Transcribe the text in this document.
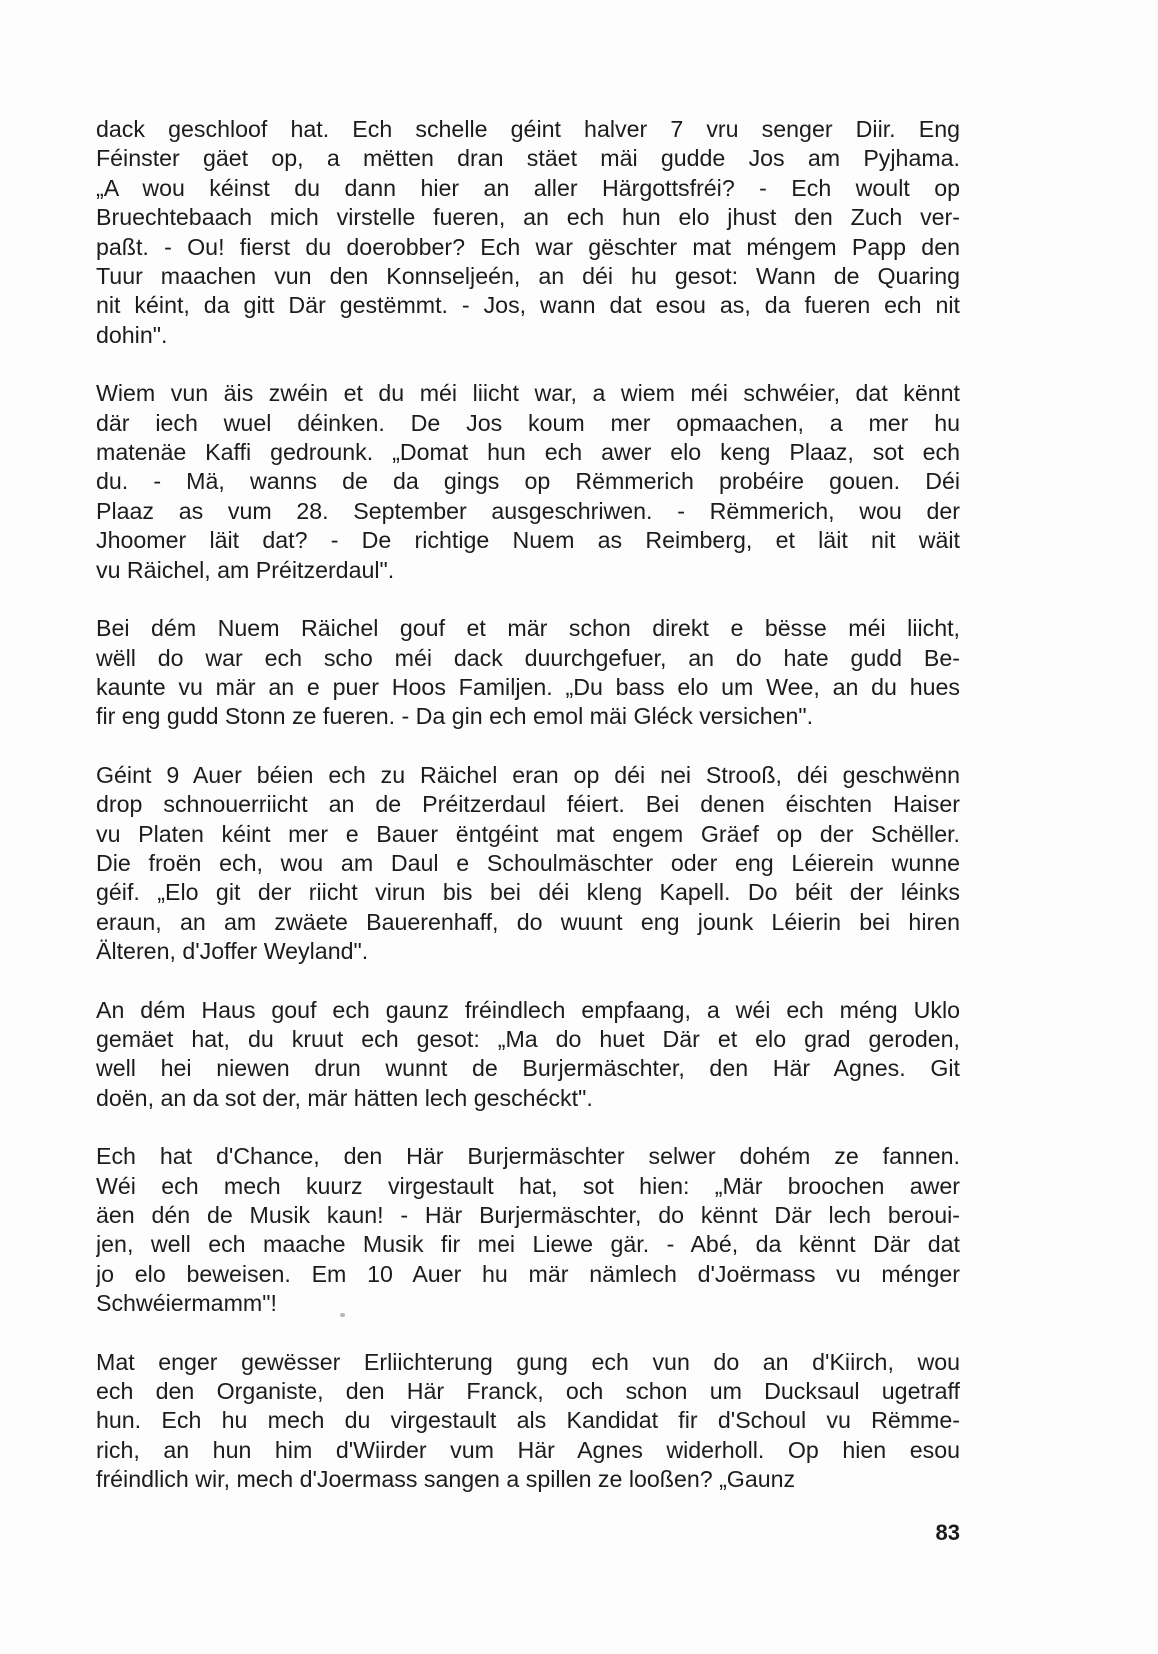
dack geschloof hat. Ech schelle géint halver 7 vru senger Diir. Eng
Féinster gäet op, a mëtten dran stäet mäi gudde Jos am Pyjhama.
„A wou kéinst du dann hier an aller Härgottsfréi? - Ech woult op
Bruechtebaach mich virstelle fueren, an ech hun elo jhust den Zuch ver-
paßt. - Ou! fierst du doerobber? Ech war gëschter mat méngem Papp den
Tuur maachen vun den Konnseljeén, an déi hu gesot: Wann de Quaring
nit kéint, da gitt Där gestëmmt. - Jos, wann dat esou as, da fueren ech nit
dohin".

Wiem vun äis zwéin et du méi liicht war, a wiem méi schwéier, dat kënnt
där iech wuel déinken. De Jos koum mer opmaachen, a mer hu
matenäe Kaffi gedrounk. „Domat hun ech awer elo keng Plaaz, sot ech
du. - Mä, wanns de da gings op Rëmmerich probéire gouen. Déi
Plaaz as vum 28. September ausgeschriwen. - Rëmmerich, wou der
Jhoomer läit dat? - De richtige Nuem as Reimberg, et läit nit wäit
vu Räichel, am Préitzerdaul".

Bei dém Nuem Räichel gouf et mär schon direkt e bësse méi liicht,
wëll do war ech scho méi dack duurchgefuer, an do hate gudd Be-
kaunte vu mär an e puer Hoos Familjen. „Du bass elo um Wee, an du hues
fir eng gudd Stonn ze fueren. - Da gin ech emol mäi Gléck versichen".

Géint 9 Auer béien ech zu Räichel eran op déi nei Strooß, déi geschwënn
drop schnouerriicht an de Préitzerdaul féiert. Bei denen éischten Haiser
vu Platen kéint mer e Bauer ëntgéint mat engem Gräef op der Schëller.
Die froën ech, wou am Daul e Schoulmäschter oder eng Léierein wunne
géif. „Elo git der riicht virun bis bei déi kleng Kapell. Do béit der léinks
eraun, an am zwäete Bauerenhaff, do wuunt eng jounk Léierin bei hiren
Älteren, d'Joffer Weyland".

An dém Haus gouf ech gaunz fréindlech empfaang, a wéi ech méng Uklo
gemäet hat, du kruut ech gesot: „Ma do huet Där et elo grad geroden,
well hei niewen drun wunnt de Burjermäschter, den Här Agnes. Git
doën, an da sot der, mär hätten lech geschéckt".

Ech hat d'Chance, den Här Burjermäschter selwer dohém ze fannen.
Wéi ech mech kuurz virgestault hat, sot hien: „Mär broochen awer
äen dén de Musik kaun! - Här Burjermäschter, do kënnt Där lech berouі-
jen, well ech maache Musik fir mei Liewe gär. - Abé, da kënnt Där dat
jo elo beweisen. Em 10 Auer hu mär nämlech d'Joërmass vu ménger
Schwéiermamm"!

Mat enger gewësser Erliichterung gung ech vun do an d'Kiirch, wou
ech den Organiste, den Här Franck, och schon um Ducksaul ugetraff
hun. Ech hu mech du virgestault als Kandidat fir d'Schoul vu Rëmme-
rich, an hun him d'Wiirder vum Här Agnes widerholl. Op hien esou
fréindlich wir, mech d'Joermass sangen a spillen ze looßen? „Gaunz

83
